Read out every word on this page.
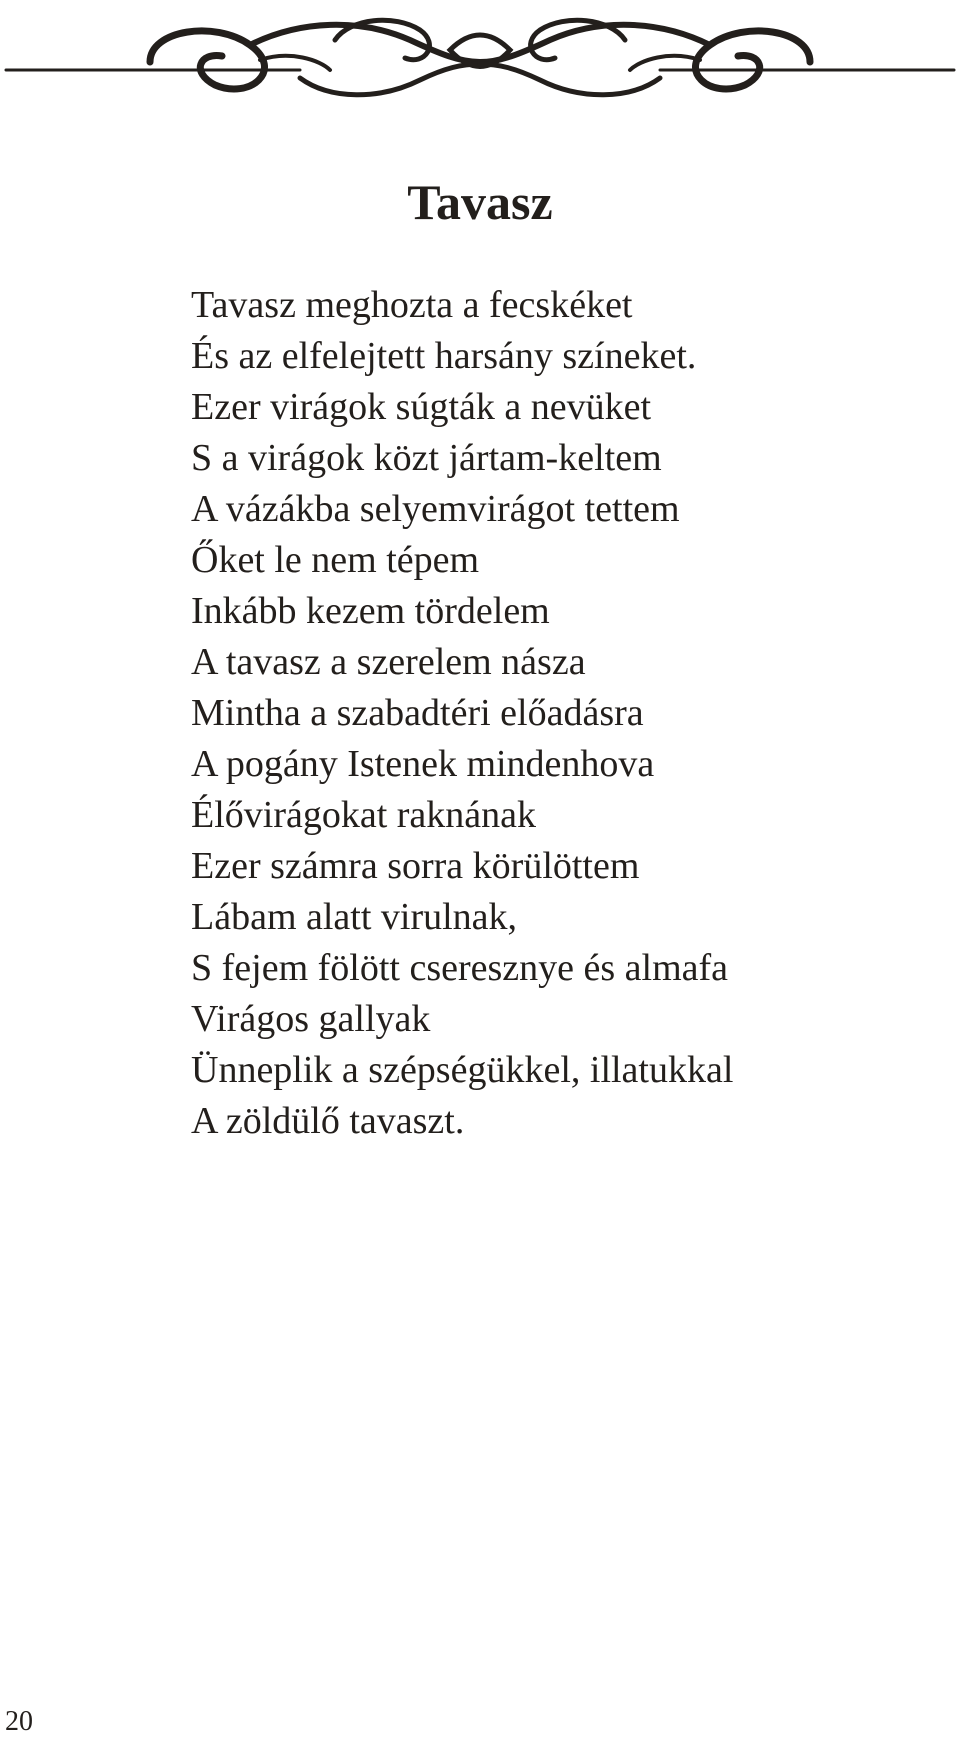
Tavasz
Tavasz meghozta a fecskéket
És az elfelejtett harsány színeket.
Ezer virágok súgták a nevüket
S a virágok közt jártam-keltem
A vázákba selyemvirágot tettem
Őket le nem tépem
Inkább kezem tördelem
A tavasz a szerelem násza
Mintha a szabadtéri előadásra
A pogány Istenek mindenhova
Élővirágokat raknának
Ezer számra sorra körülöttem
Lábam alatt virulnak,
S fejem fölött cseresznye és almafa
Virágos gallyak
Ünneplik a szépségükkel, illatukkal
A zöldülő tavaszt.
20
